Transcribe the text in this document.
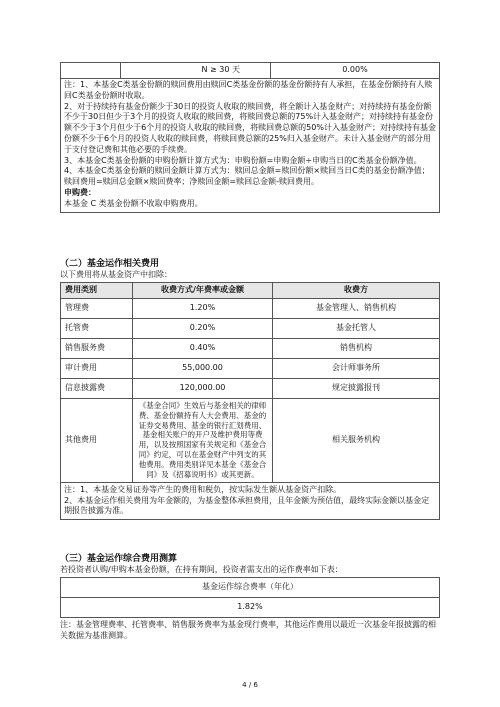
	N ≥ 30 天	0.00%

注：1、本基金C类基金份额的赎回费用由赎回C类基金份额的基金份额持有人承担，在基金份额持有人赎回C类基金份额时收取。

2、对于持续持有基金份额少于30日的投资人收取的赎回费，将全额计入基金财产；对持续持有基金份额不少于30日但少于3个月的投资人收取的赎回费，将赎回费总额的75%计入基金财产；对持续持有基金份额不少于3个月但少于6个月的投资人收取的赎回费，将赎回费总额的50%计入基金财产；对持续持有基金份额不少于6个月的投资人收取的赎回费，将赎回费总额的25%归入基金财产。未计入基金财产的部分用于支付登记费和其他必要的手续费。

3、本基金C类基金份额的申购份额计算方式为：申购份额=申购金额÷申购当日的C类基金份额净值。

4、本基金C类基金份额的赎回金额计算方式为：赎回总金额=赎回份额×赎回当日C类的基金份额净值；赎回费用=赎回总金额×赎回费率；净赎回金额=赎回总金额-赎回费用。

申购费：

本基金 C 类基金份额不收取申购费用。

（二）基金运作相关费用
以下费用将从基金资产中扣除：
费用类别	收费方式/年费率或金额	收费方
管理费	1.20%	基金管理人、销售机构
托管费	0.20%	基金托管人
销售服务费	0.40%	销售机构
审计费用	55,000.00	会计师事务所
信息披露费	120,000.00	规定披露报刊
其他费用	《基金合同》生效后与基金相关的律师费、基金份额持有人大会费用、基金的证券交易费用、基金的银行汇划费用、基金相关账户的开户及维护费用等费用，以及按照国家有关规定和《基金合同》约定，可以在基金财产中列支的其他费用。费用类别详见本基金《基金合同》及《招募说明书》或其更新。	相关服务机构

注：1、本基金交易证券等产生的费用和税负，按实际发生额从基金资产扣除。

2、本基金运作相关费用为年金额的，为基金整体承担费用，且年金额为预估值，最终实际金额以基金定期报告披露为准。

（三）基金运作综合费用测算
若投资者认购/申购本基金份额，在持有期间，投资者需支出的运作费率如下表：
基金运作综合费率（年化）
1.82%

注：基金管理费率、托管费率、销售服务费率为基金现行费率，其他运作费用以最近一次基金年报披露的相关数据为基准测算。

4 / 6
